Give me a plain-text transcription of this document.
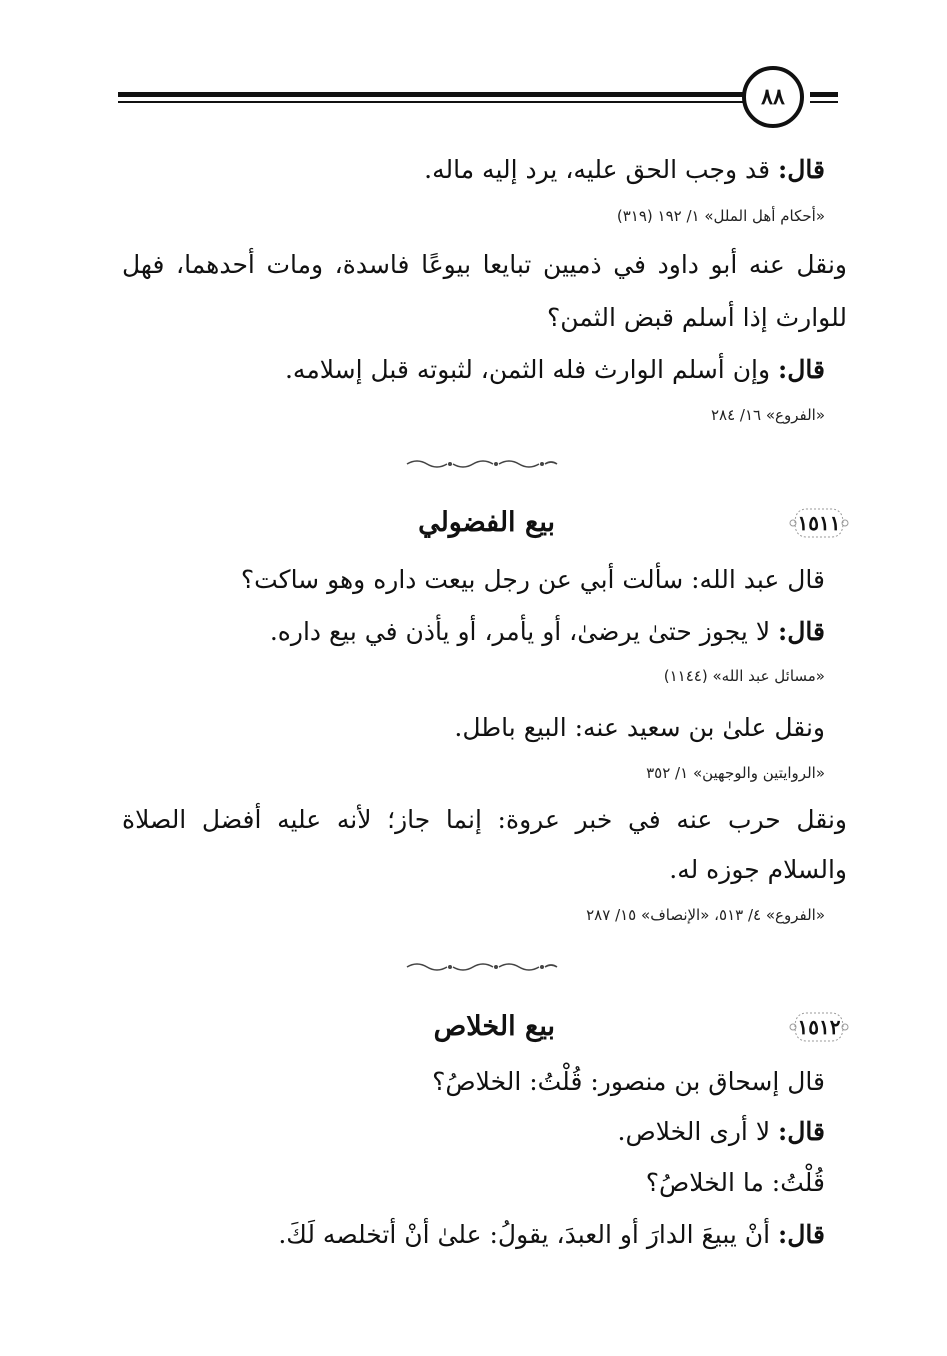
٨٨
قال: قد وجب الحق عليه، يرد إليه ماله.
«أحكام أهل الملل» ١/ ١٩٢ (٣١٩)
ونقل عنه أبو داود في ذميين تبايعا بيوعًا فاسدة، ومات أحدهما، فهل
للوارث إذا أسلم قبض الثمن؟
قال: وإن أسلم الوارث فله الثمن، لثبوته قبل إسلامه.
«الفروع» ١٦/ ٢٨٤
١٥١١
بيع الفضولي
قال عبد الله: سألت أبي عن رجل بيعت داره وهو ساكت؟
قال: لا يجوز حتىٰ يرضىٰ، أو يأمر، أو يأذن في بيع داره.
«مسائل عبد الله» (١١٤٤)
ونقل علىٰ بن سعيد عنه: البيع باطل.
«الروايتين والوجهين» ١/ ٣٥٢
ونقل حرب عنه في خبر عروة: إنما جاز؛ لأنه عليه أفضل الصلاة
والسلام جوزه له.
«الفروع» ٤/ ٥١٣، «الإنصاف» ١٥/ ٢٨٧
١٥١٢
بيع الخلاص
قال إسحاق بن منصور: قُلْتُ: الخلاصُ؟
قال: لا أرى الخلاص.
قُلْتُ: ما الخلاصُ؟
قال: أنْ يبيعَ الدارَ أو العبدَ، يقولُ: علىٰ أنْ أتخلصه لَكَ.
